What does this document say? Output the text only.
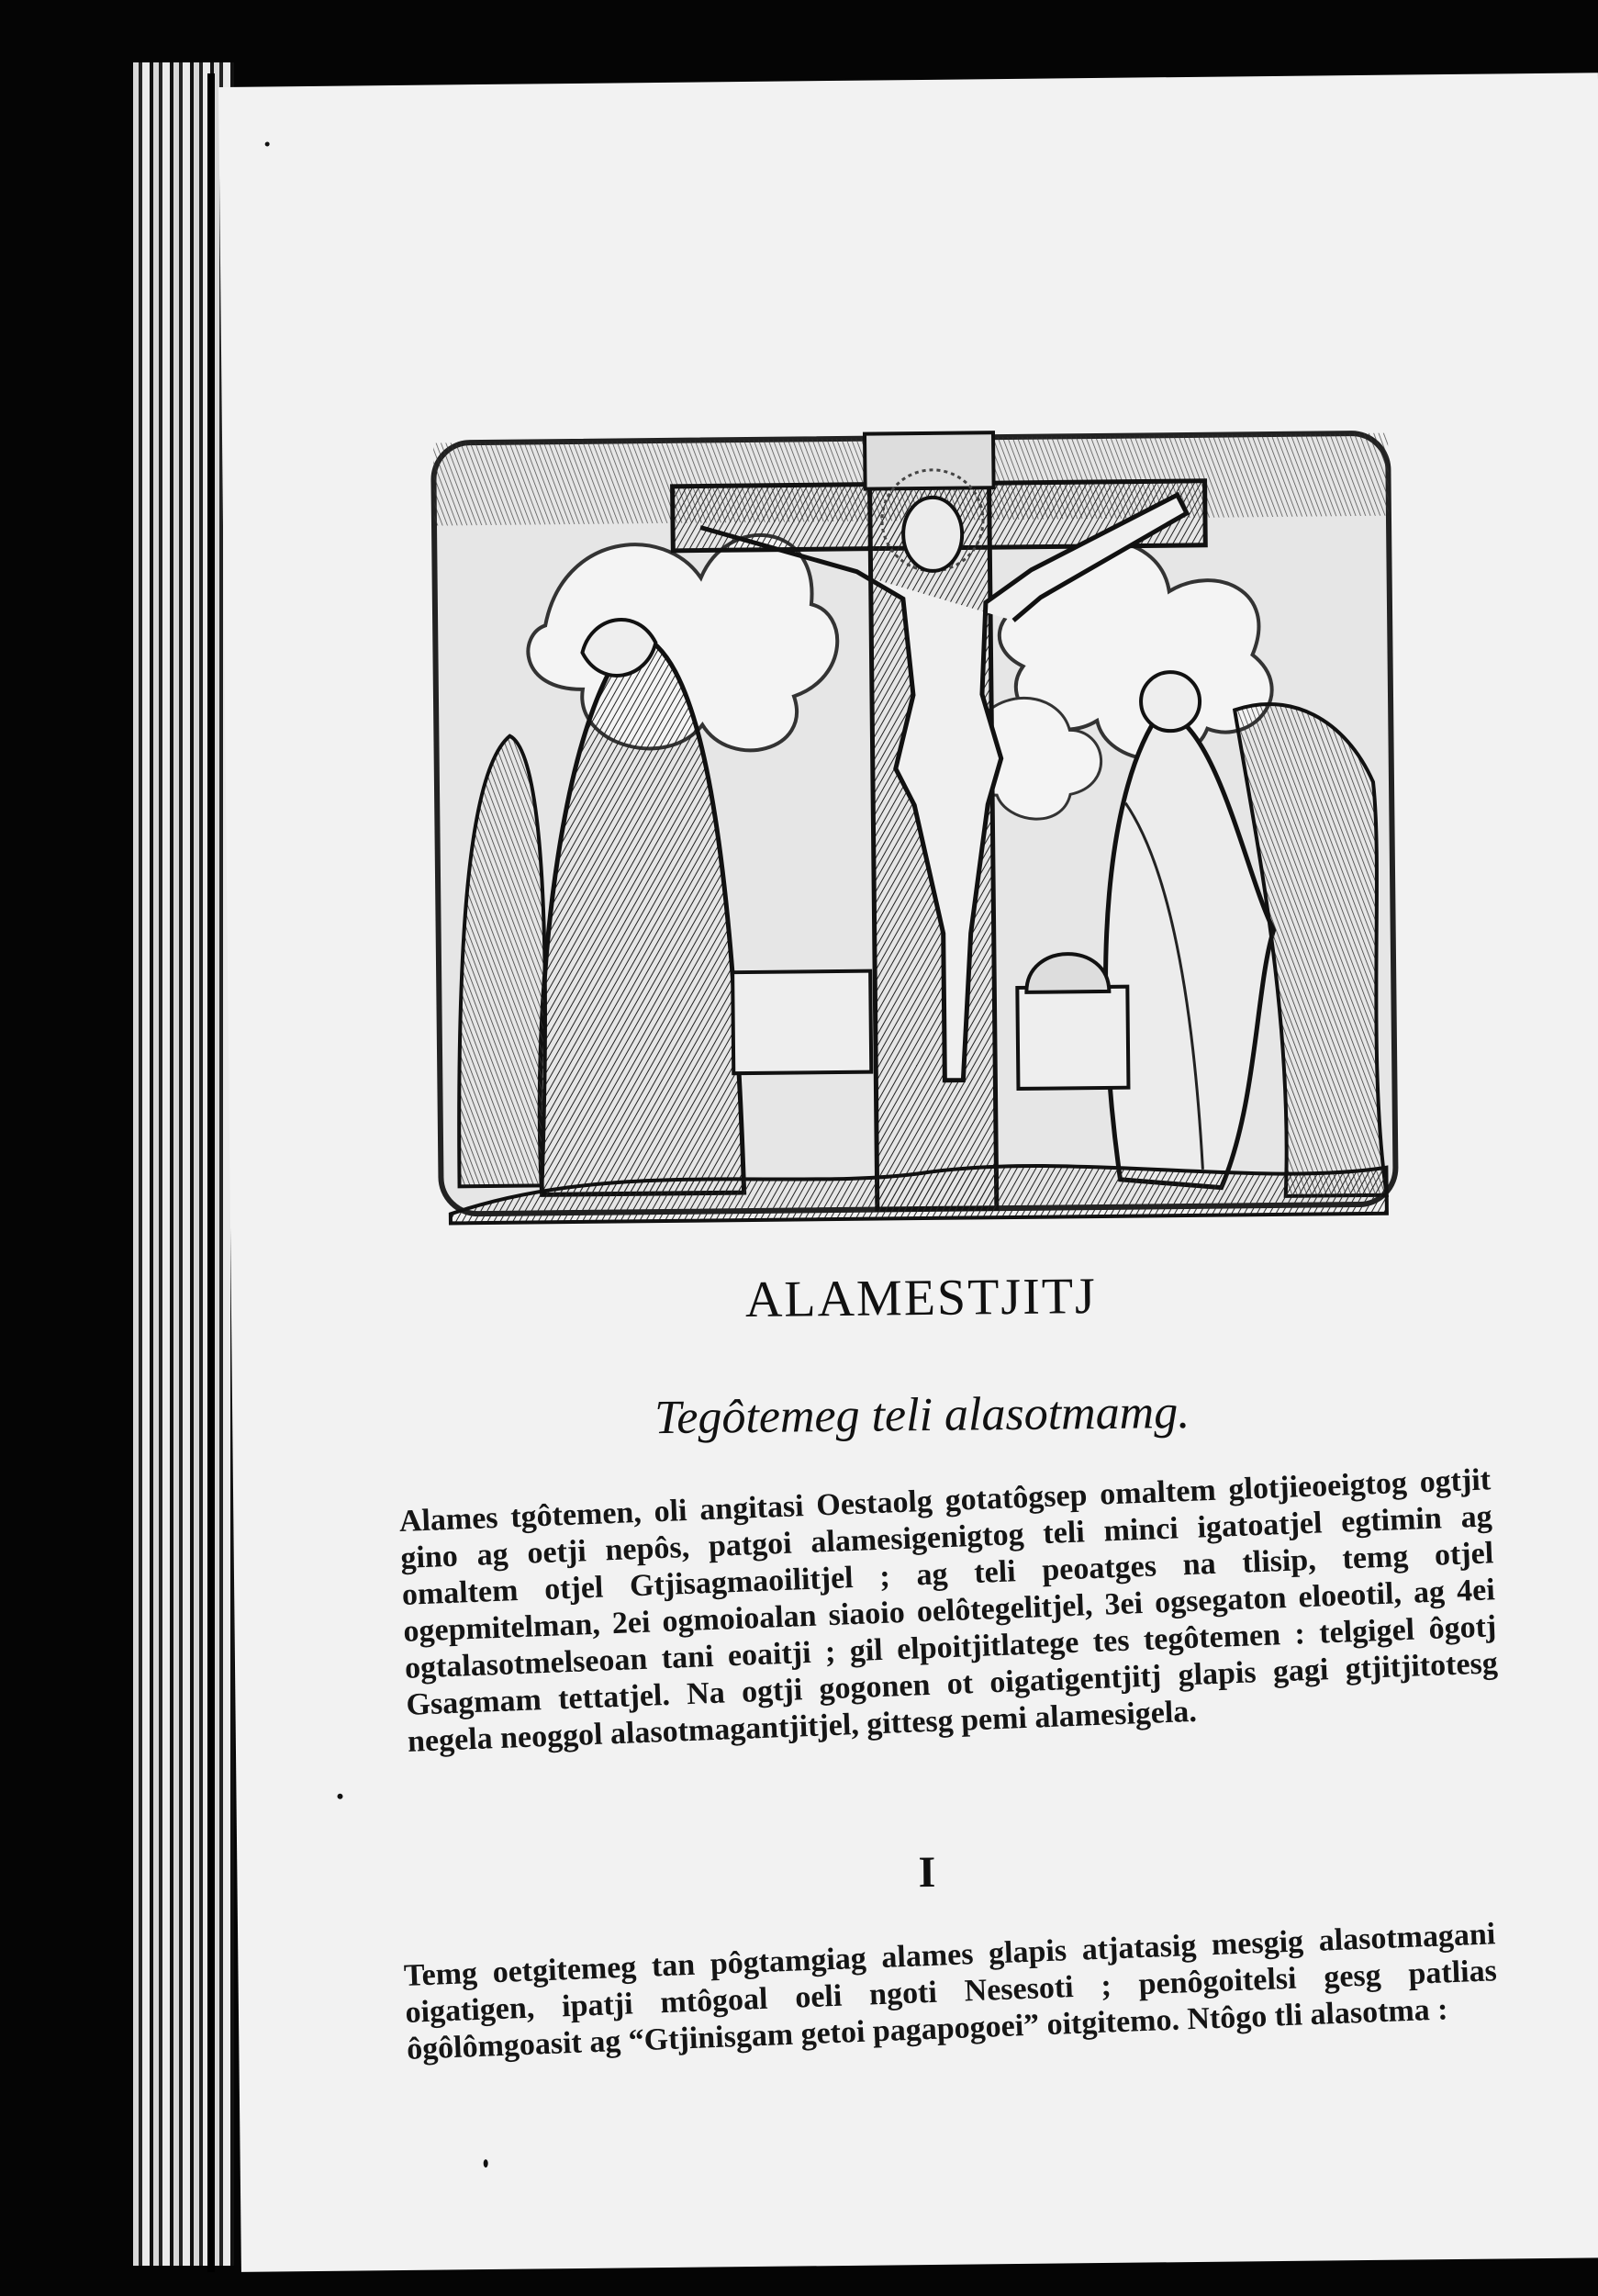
ALAMESTJITJ
Tegôtemeg teli alasotmamg.
Alames tgôtemen, oli angitasi Oestaolg gotatôgsep omaltem glotjieoeigtog ogtjit gino ag oetji nepôs, patgoi alamesigenigtog teli minci igatoatjel egtimin ag omaltem otjel Gtjisagmaoilitjel ; ag teli peoatges na tlisip, temg otjel ogepmitelman, 2ei ogmoioalan siaoio oelôtegelitjel, 3ei ogsegaton eloeotil, ag 4ei ogtalasotmelseoan tani eoaitji ; gil elpoitjitlatege tes tegôtemen : telgigel ôgotj Gsagmam tettatjel. Na ogtji gogonen ot oigatigentjitj glapis gagi gtjitjitotesg negela neoggol alasotmagantjitjel, gittesg pemi alamesigela.
I
Temg oetgitemeg tan pôgtamgiag alames glapis atjatasig mesgig alasotmagani oigatigen, ipatji mtôgoal oeli ngoti Nesesoti ; penôgoitelsi gesg patlias ôgôlômgoasit ag “Gtjinisgam getoi pagapogoei” oitgitemo. Ntôgo tli alasotma :
